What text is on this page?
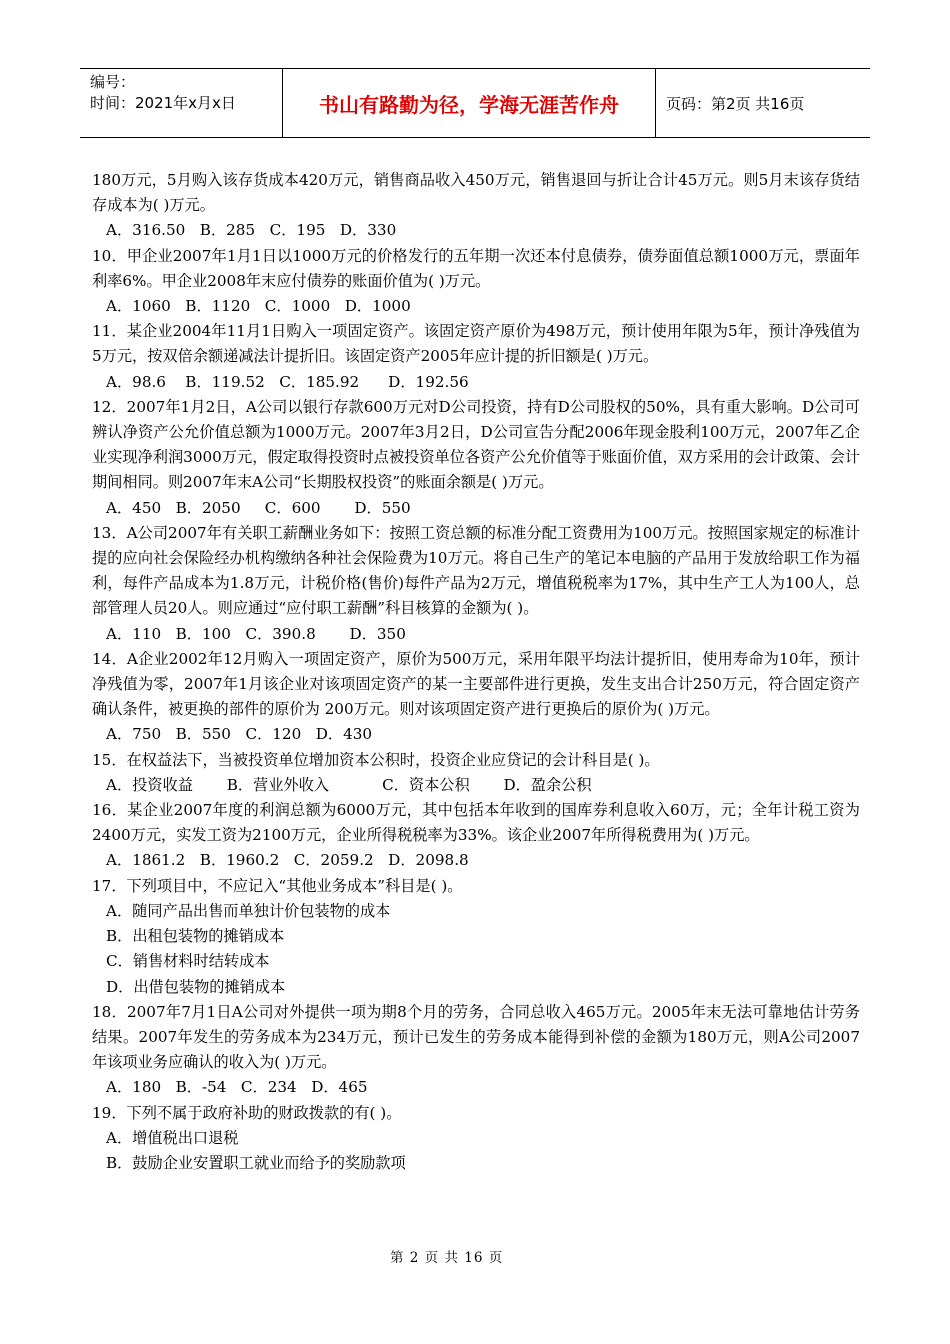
编号：
时间：2021年x月x日	书山有路勤为径，学海无涯苦作舟	页码：第2页 共16页
180万元，5月购入该存货成本420万元，销售商品收入450万元，销售退回与折让合计45万元。则5月末该存货结存成本为( )万元。
A．316.50   B．285   C．195   D．330
10．甲企业2007年1月1日以1000万元的价格发行的五年期一次还本付息债券，债券面值总额1000万元，票面年利率6%。甲企业2008年末应付债券的账面价值为( )万元。
A．1060   B．1120   C．1000   D．1000
11．某企业2004年11月1日购入一项固定资产。该固定资产原价为498万元，预计使用年限为5年，预计净残值为5万元，按双倍余额递减法计提折旧。该固定资产2005年应计提的折旧额是( )万元。
A．98.6    B．119.52   C．185.92      D．192.56
12．2007年1月2日，A公司以银行存款600万元对D公司投资，持有D公司股权的50%，具有重大影响。D公司可辨认净资产公允价值总额为1000万元。2007年3月2日，D公司宣告分配2006年现金股利100万元，2007年乙企业实现净利润3000万元，假定取得投资时点被投资单位各资产公允价值等于账面价值，双方采用的会计政策、会计期间相同。则2007年末A公司“长期股权投资”的账面余额是( )万元。
A．450   B．2050     C．600       D．550
13．A公司2007年有关职工薪酬业务如下：按照工资总额的标准分配工资费用为100万元。按照国家规定的标准计提的应向社会保险经办机构缴纳各种社会保险费为10万元。将自己生产的笔记本电脑的产品用于发放给职工作为福利，每件产品成本为1.8万元，计税价格(售价)每件产品为2万元，增值税税率为17%，其中生产工人为100人，总部管理人员20人。则应通过“应付职工薪酬”科目核算的金额为( )。
A．110   B．100   C．390.8       D．350
14．A企业2002年12月购入一项固定资产，原价为500万元，采用年限平均法计提折旧，使用寿命为10年，预计净残值为零，2007年1月该企业对该项固定资产的某一主要部件进行更换，发生支出合计250万元，符合固定资产确认条件，被更换的部件的原价为 200万元。则对该项固定资产进行更换后的原价为( )万元。
A．750   B．550   C．120   D．430
15．在权益法下，当被投资单位增加资本公积时，投资企业应贷记的会计科目是( )。
A．投资收益       B．营业外收入           C．资本公积       D．盈余公积
16．某企业2007年度的利润总额为6000万元，其中包括本年收到的国库券利息收入60万，元；全年计税工资为2400万元，实发工资为2100万元，企业所得税税率为33%。该企业2007年所得税费用为( )万元。
A．1861.2   B．1960.2   C．2059.2   D．2098.8
17．下列项目中，不应记入“其他业务成本”科目是( )。
A．随同产品出售而单独计价包装物的成本
B．出租包装物的摊销成本
C．销售材料时结转成本
D．出借包装物的摊销成本
18．2007年7月1日A公司对外提供一项为期8个月的劳务，合同总收入465万元。2005年末无法可靠地估计劳务结果。2007年发生的劳务成本为234万元，预计已发生的劳务成本能得到补偿的金额为180万元，则A公司2007年该项业务应确认的收入为( )万元。
A．180   B．-54   C．234   D．465
19．下列不属于政府补助的财政拨款的有( )。
A．增值税出口退税
B．鼓励企业安置职工就业而给予的奖励款项
第 2 页 共 16 页
